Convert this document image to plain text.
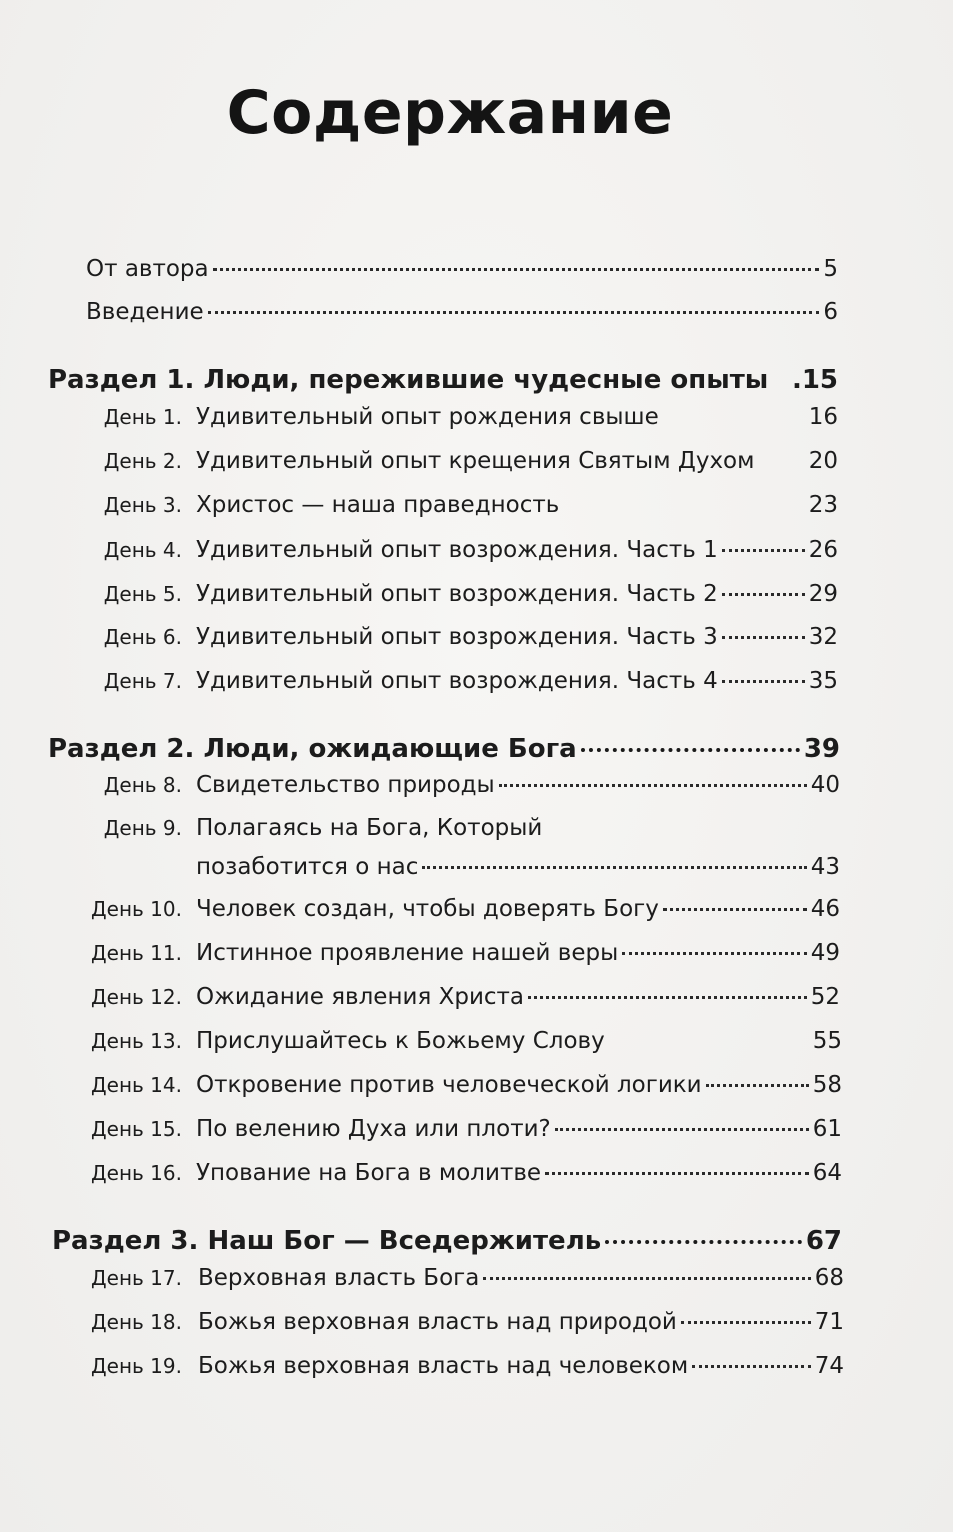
Содержание
От автора	5
Введение	6
Раздел 1. Люди, пережившие чудесные опыты .15
День 1. Удивительный опыт рождения свыше	16
День 2. Удивительный опыт крещения Святым Духом 20
День 3. Христос — наша праведность	23
День 4. Удивительный опыт возрождения. Часть 1	26
День 5. Удивительный опыт возрождения. Часть 2	29
День 6. Удивительный опыт возрождения. Часть 3	32
День 7. Удивительный опыт возрождения. Часть 4	35
Раздел 2. Люди, ожидающие Бога	39
День 8. Свидетельство природы	40
День 9. Полагаясь на Бога, Который
позаботится о нас	43
День 10. Человек создан, чтобы доверять Богу	46
День 11. Истинное проявление нашей веры	49
День 12. Ожидание явления Христа	52
День 13. Прислушайтесь к Божьему Слову	55
День 14. Откровение против человеческой логики	58
День 15. По велению Духа или плоти?	61
День 16. Упование на Бога в молитве	64
Раздел 3. Наш Бог — Вседержитель	67
День 17. Верховная власть Бога	68
День 18. Божья верховная власть над природой	71
День 19. Божья верховная власть над человеком	74
